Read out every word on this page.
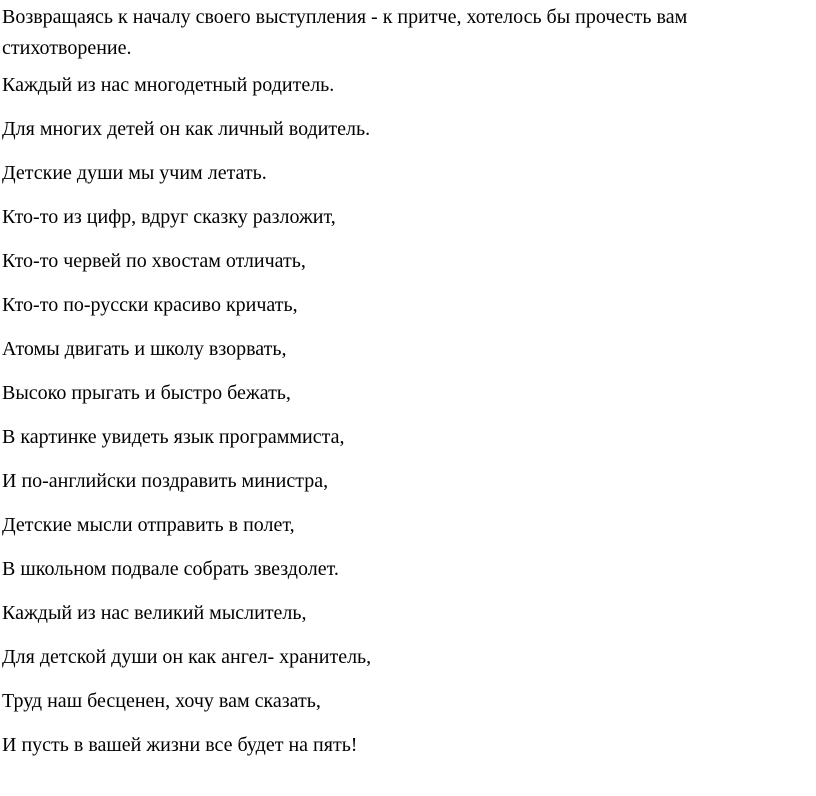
Возвращаясь к началу своего выступления - к притче, хотелось бы прочесть вам стихотворение.

Каждый из нас многодетный родитель.
Для многих детей он как личный водитель.
Детские души мы учим летать.
Кто-то из цифр, вдруг сказку разложит,
Кто-то червей по хвостам отличать,
Кто-то по-русски красиво кричать,
Атомы двигать и школу взорвать,
Высоко прыгать и быстро бежать,
В картинке увидеть язык программиста,
И по-английски поздравить министра,
Детские мысли отправить в полет,
В школьном подвале собрать звездолет.
Каждый из нас великий мыслитель,
Для детской души он как ангел- хранитель,
Труд наш бесценен, хочу вам сказать,
И пусть в вашей жизни все будет на пять!
